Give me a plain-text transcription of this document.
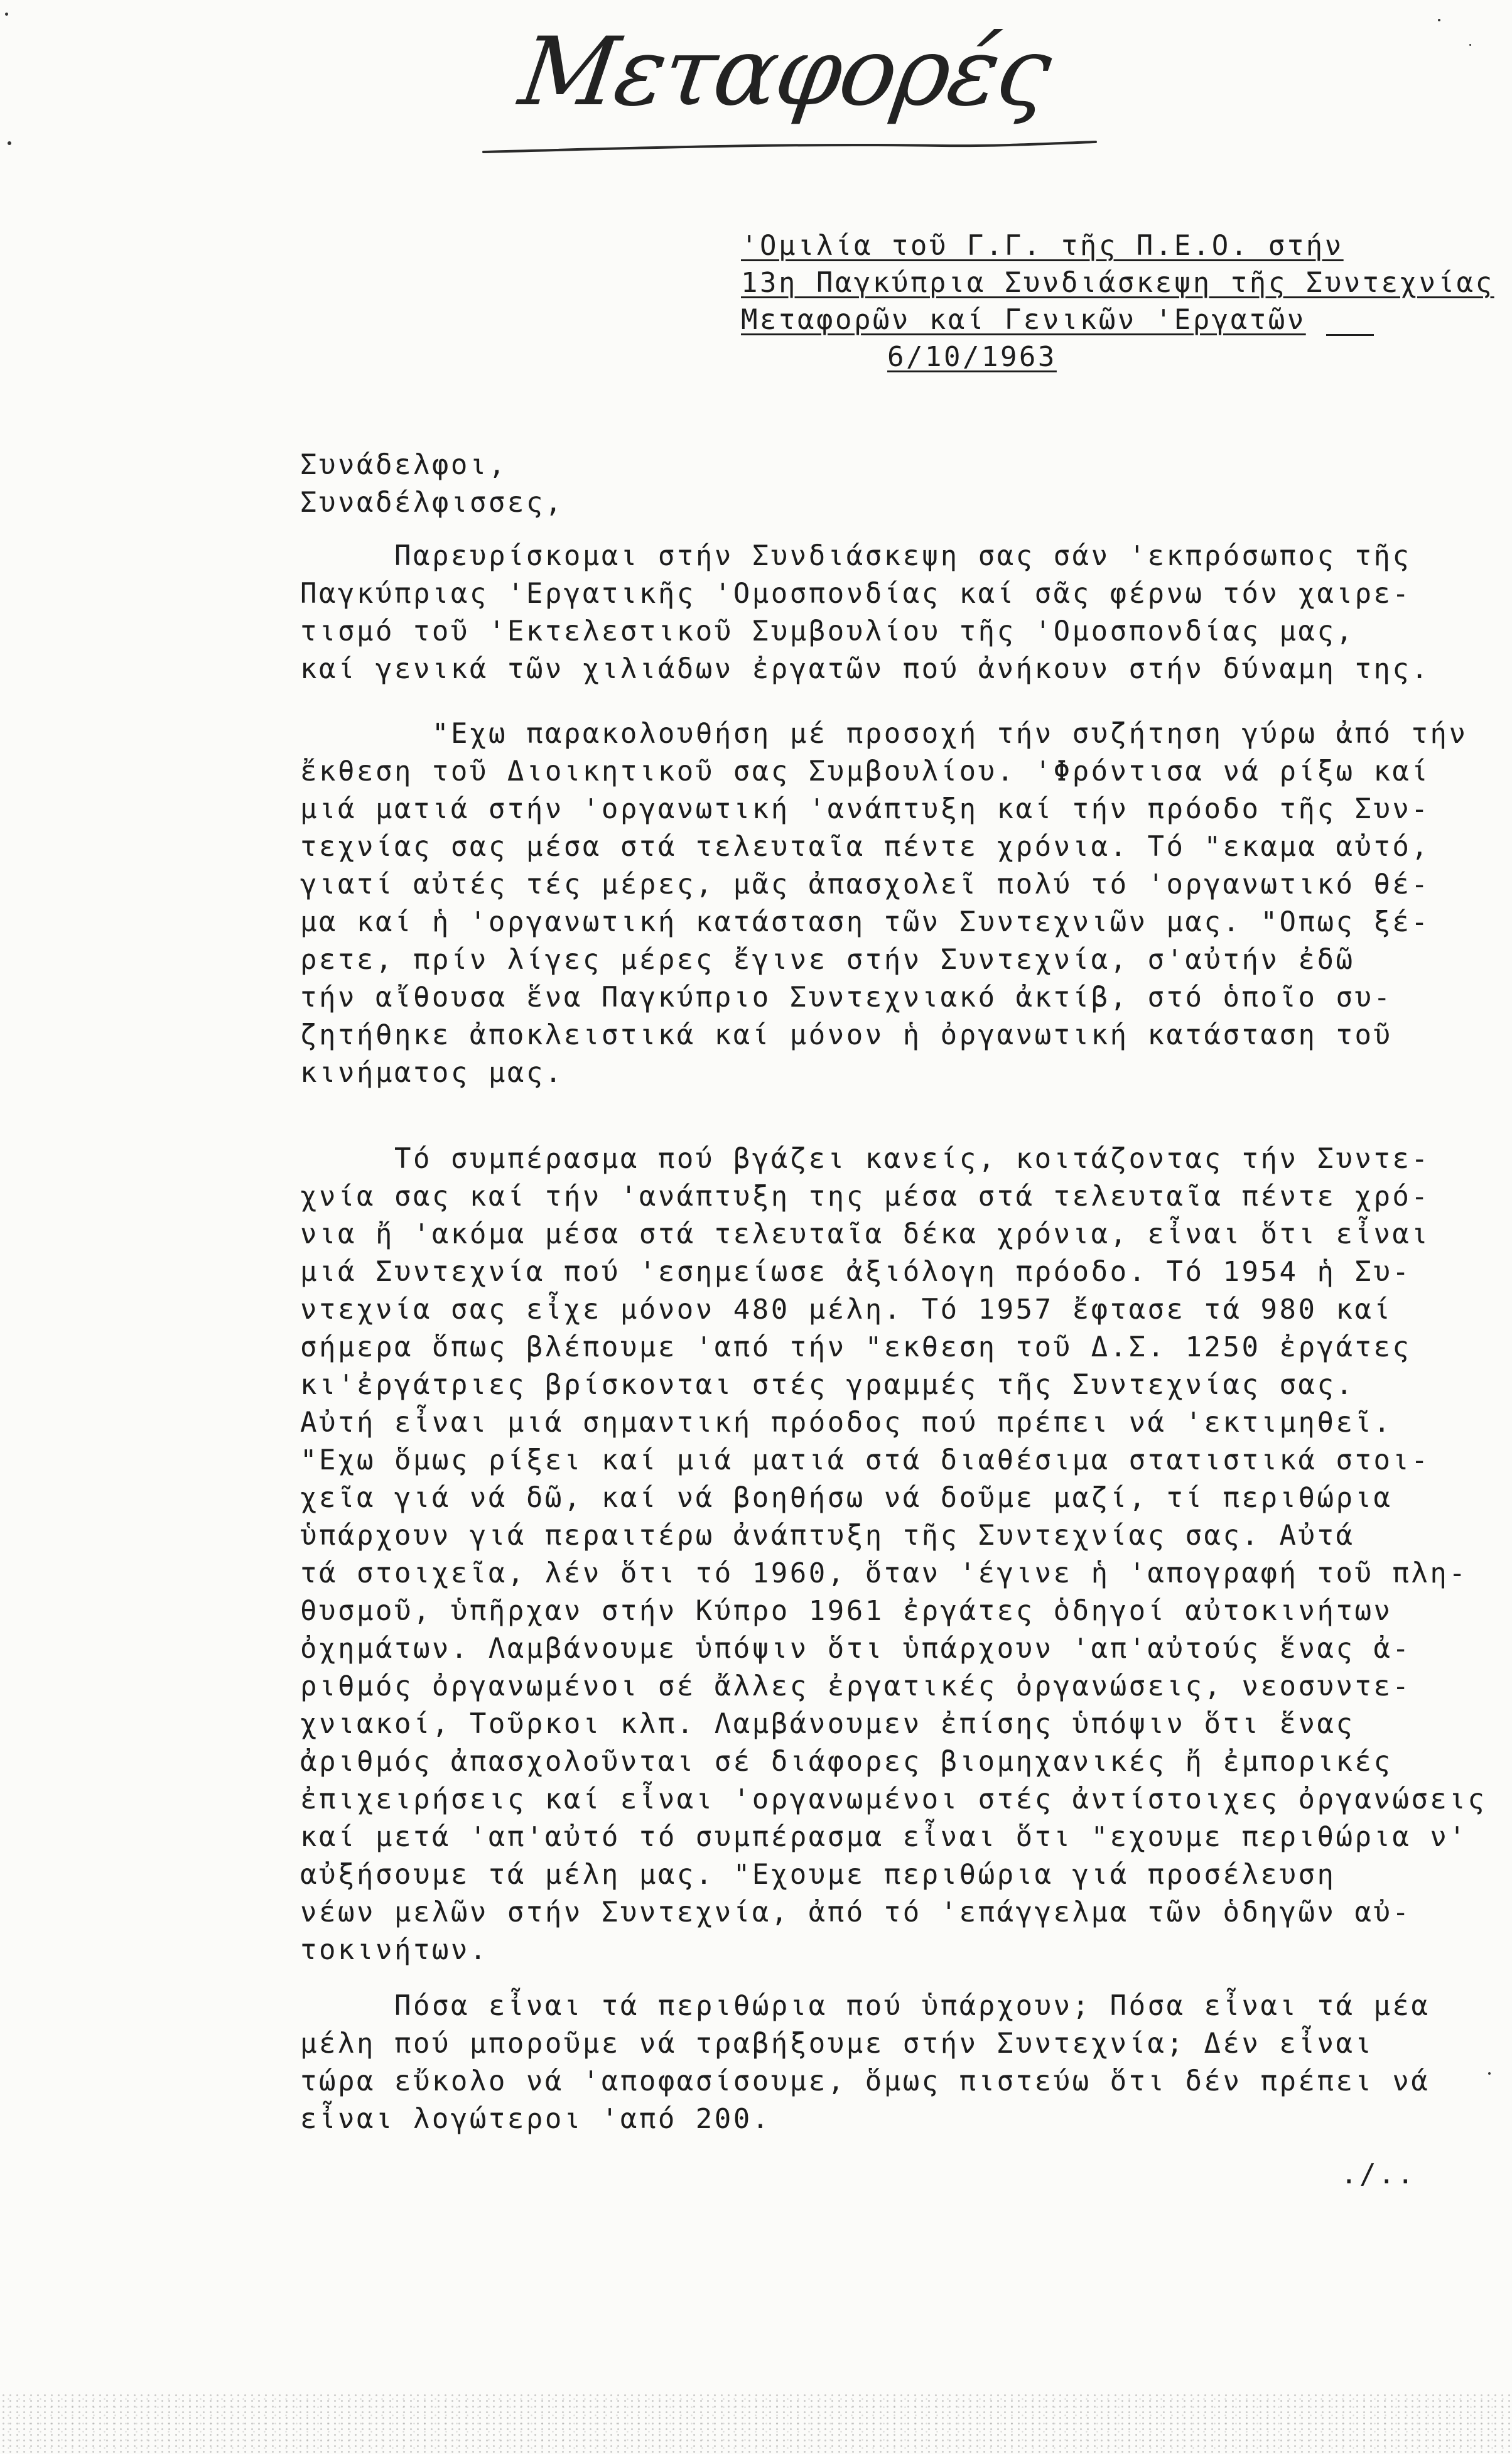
Μεταφορές
'Ομιλία τοῦ Γ.Γ. τῆς Π.Ε.Ο. στήν
13η Παγκύπρια Συνδιάσκεψη τῆς Συντεχνίας
Μεταφορῶν καί Γενικῶν 'Εργατῶν
6/10/1963
Συνάδελφοι,
Συναδέλφισσες,
Παρευρίσκομαι στήν Συνδιάσκεψη σας σάν 'εκπρόσωπος τῆς
Παγκύπριας 'Εργατικῆς 'Ομοσπονδίας καί σᾶς φέρνω τόν χαιρε-
τισμό τοῦ 'Εκτελεστικοῦ Συμβουλίου τῆς 'Ομοσπονδίας μας,
καί γενικά τῶν χιλιάδων ἐργατῶν πού ἀνήκουν στήν δύναμη της.
"Εχω παρακολουθήση μέ προσοχή τήν συζήτηση γύρω ἀπό τήν
ἔκθεση τοῦ Διοικητικοῦ σας Συμβουλίου. 'Φρόντισα νά ρίξω καί
μιά ματιά στήν 'οργανωτική 'ανάπτυξη καί τήν πρόοδο τῆς Συν-
τεχνίας σας μέσα στά τελευταῖα πέντε χρόνια. Τό "εκαμα αὐτό,
γιατί αὐτές τές μέρες, μᾶς ἀπασχολεῖ πολύ τό 'οργανωτικό θέ-
μα καί ἡ 'οργανωτική κατάσταση τῶν Συντεχνιῶν μας. "Οπως ξέ-
ρετε, πρίν λίγες μέρες ἔγινε στήν Συντεχνία, σ'αὐτήν ἐδῶ
τήν αἴθουσα ἕνα Παγκύπριο Συντεχνιακό ἀκτίβ, στό ὁποῖο συ-
ζητήθηκε ἀποκλειστικά καί μόνον ἡ ὀργανωτική κατάσταση τοῦ
κινήματος μας.
Τό συμπέρασμα πού βγάζει κανείς, κοιτάζοντας τήν Συντε-
χνία σας καί τήν 'ανάπτυξη της μέσα στά τελευταῖα πέντε χρό-
νια ἤ 'ακόμα μέσα στά τελευταῖα δέκα χρόνια, εἶναι ὅτι εἶναι
μιά Συντεχνία πού 'εσημείωσε ἀξιόλογη πρόοδο. Τό 1954 ἡ Συ-
ντεχνία σας εἶχε μόνον 480 μέλη. Τό 1957 ἔφτασε τά 980 καί
σήμερα ὅπως βλέπουμε 'από τήν "εκθεση τοῦ Δ.Σ. 1250 ἐργάτες
κι'ἐργάτριες βρίσκονται στές γραμμές τῆς Συντεχνίας σας.
Αὐτή εἶναι μιά σημαντική πρόοδος πού πρέπει νά 'εκτιμηθεῖ.
"Εχω ὅμως ρίξει καί μιά ματιά στά διαθέσιμα στατιστικά στοι-
χεῖα γιά νά δῶ, καί νά βοηθήσω νά δοῦμε μαζί, τί περιθώρια
ὑπάρχουν γιά περαιτέρω ἀνάπτυξη τῆς Συντεχνίας σας. Αὐτά
τά στοιχεῖα, λέν ὅτι τό 1960, ὅταν 'έγινε ἡ 'απογραφή τοῦ πλη-
θυσμοῦ, ὑπῆρχαν στήν Κύπρο 1961 ἐργάτες ὁδηγοί αὐτοκινήτων
ὀχημάτων. Λαμβάνουμε ὑπόψιν ὅτι ὑπάρχουν 'απ'αὐτούς ἕνας ἀ-
ριθμός ὀργανωμένοι σέ ἄλλες ἐργατικές ὀργανώσεις, νεοσυντε-
χνιακοί, Τοῦρκοι κλπ. Λαμβάνουμεν ἐπίσης ὑπόψιν ὅτι ἕνας
ἀριθμός ἀπασχολοῦνται σέ διάφορες βιομηχανικές ἤ ἐμπορικές
ἐπιχειρήσεις καί εἶναι 'οργανωμένοι στές ἀντίστοιχες ὀργανώσεις
καί μετά 'απ'αὐτό τό συμπέρασμα εἶναι ὅτι "εχουμε περιθώρια ν'
αὐξήσουμε τά μέλη μας. "Εχουμε περιθώρια γιά προσέλευση
νέων μελῶν στήν Συντεχνία, ἀπό τό 'επάγγελμα τῶν ὁδηγῶν αὐ-
τοκινήτων.
Πόσα εἶναι τά περιθώρια πού ὑπάρχουν; Πόσα εἶναι τά μέα
μέλη πού μποροῦμε νά τραβήξουμε στήν Συντεχνία; Δέν εἶναι
τώρα εὔκολο νά 'αποφασίσουμε, ὅμως πιστεύω ὅτι δέν πρέπει νά
εἶναι λογώτεροι 'από 200.
./..
